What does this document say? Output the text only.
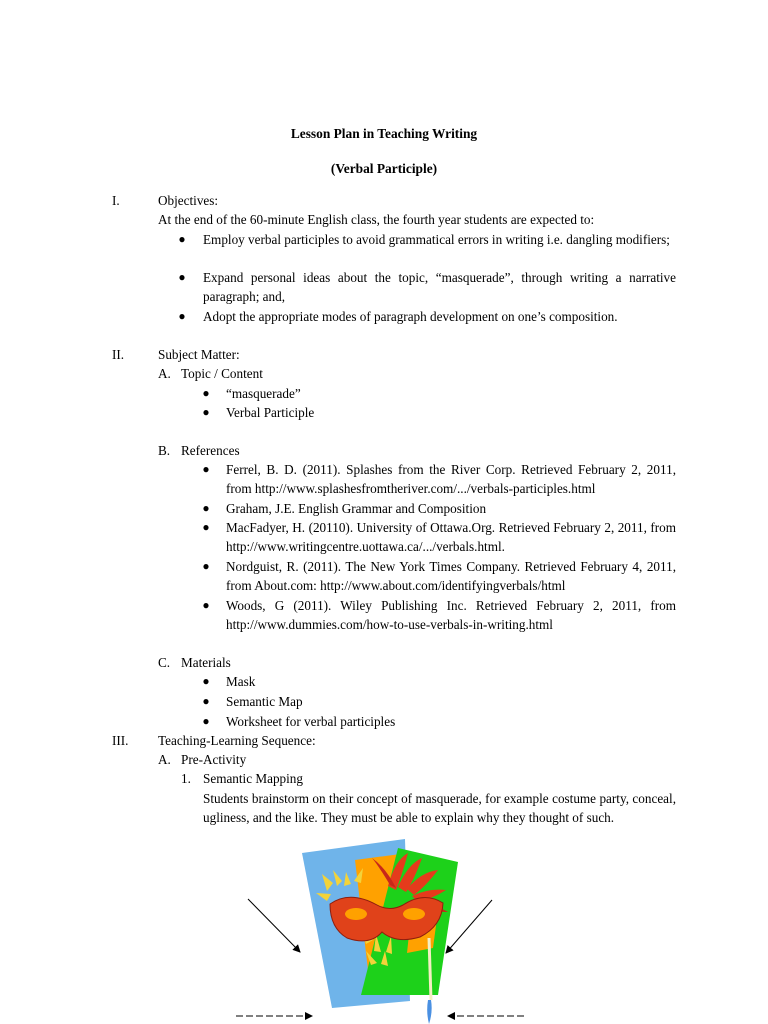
Lesson Plan in Teaching Writing
(Verbal Participle)
I.	Objectives:
At the end of the 60-minute English class, the fourth year students are expected to:
● Employ verbal participles to avoid grammatical errors in writing i.e. dangling modifiers;
● Expand personal ideas about the topic, “masquerade”, through writing a narrative paragraph; and,
● Adopt the appropriate modes of paragraph development on one’s composition.
II.	Subject Matter:
A. Topic / Content
● “masquerade”
● Verbal Participle
B. References
● Ferrel, B. D. (2011). Splashes from the River Corp. Retrieved February 2, 2011, from http://www.splashesfromtheriver.com/.../verbals-participles.html
● Graham, J.E. English Grammar and Composition
● MacFadyer, H. (20110). University of Ottawa.Org. Retrieved February 2, 2011, from http://www.writingcentre.uottawa.ca/.../verbals.html.
● Nordguist, R. (2011). The New York Times Company. Retrieved February 4, 2011, from About.com: http://www.about.com/identifyingverbals/html
● Woods, G (2011). Wiley Publishing Inc. Retrieved February 2, 2011, from http://www.dummies.com/how-to-use-verbals-in-writing.html
C. Materials
● Mask
● Semantic Map
● Worksheet for verbal participles
III. Teaching-Learning Sequence:
A. Pre-Activity
1. Semantic Mapping
Students brainstorm on their concept of masquerade, for example costume party, conceal, ugliness, and the like. They must be able to explain why they thought of such.
